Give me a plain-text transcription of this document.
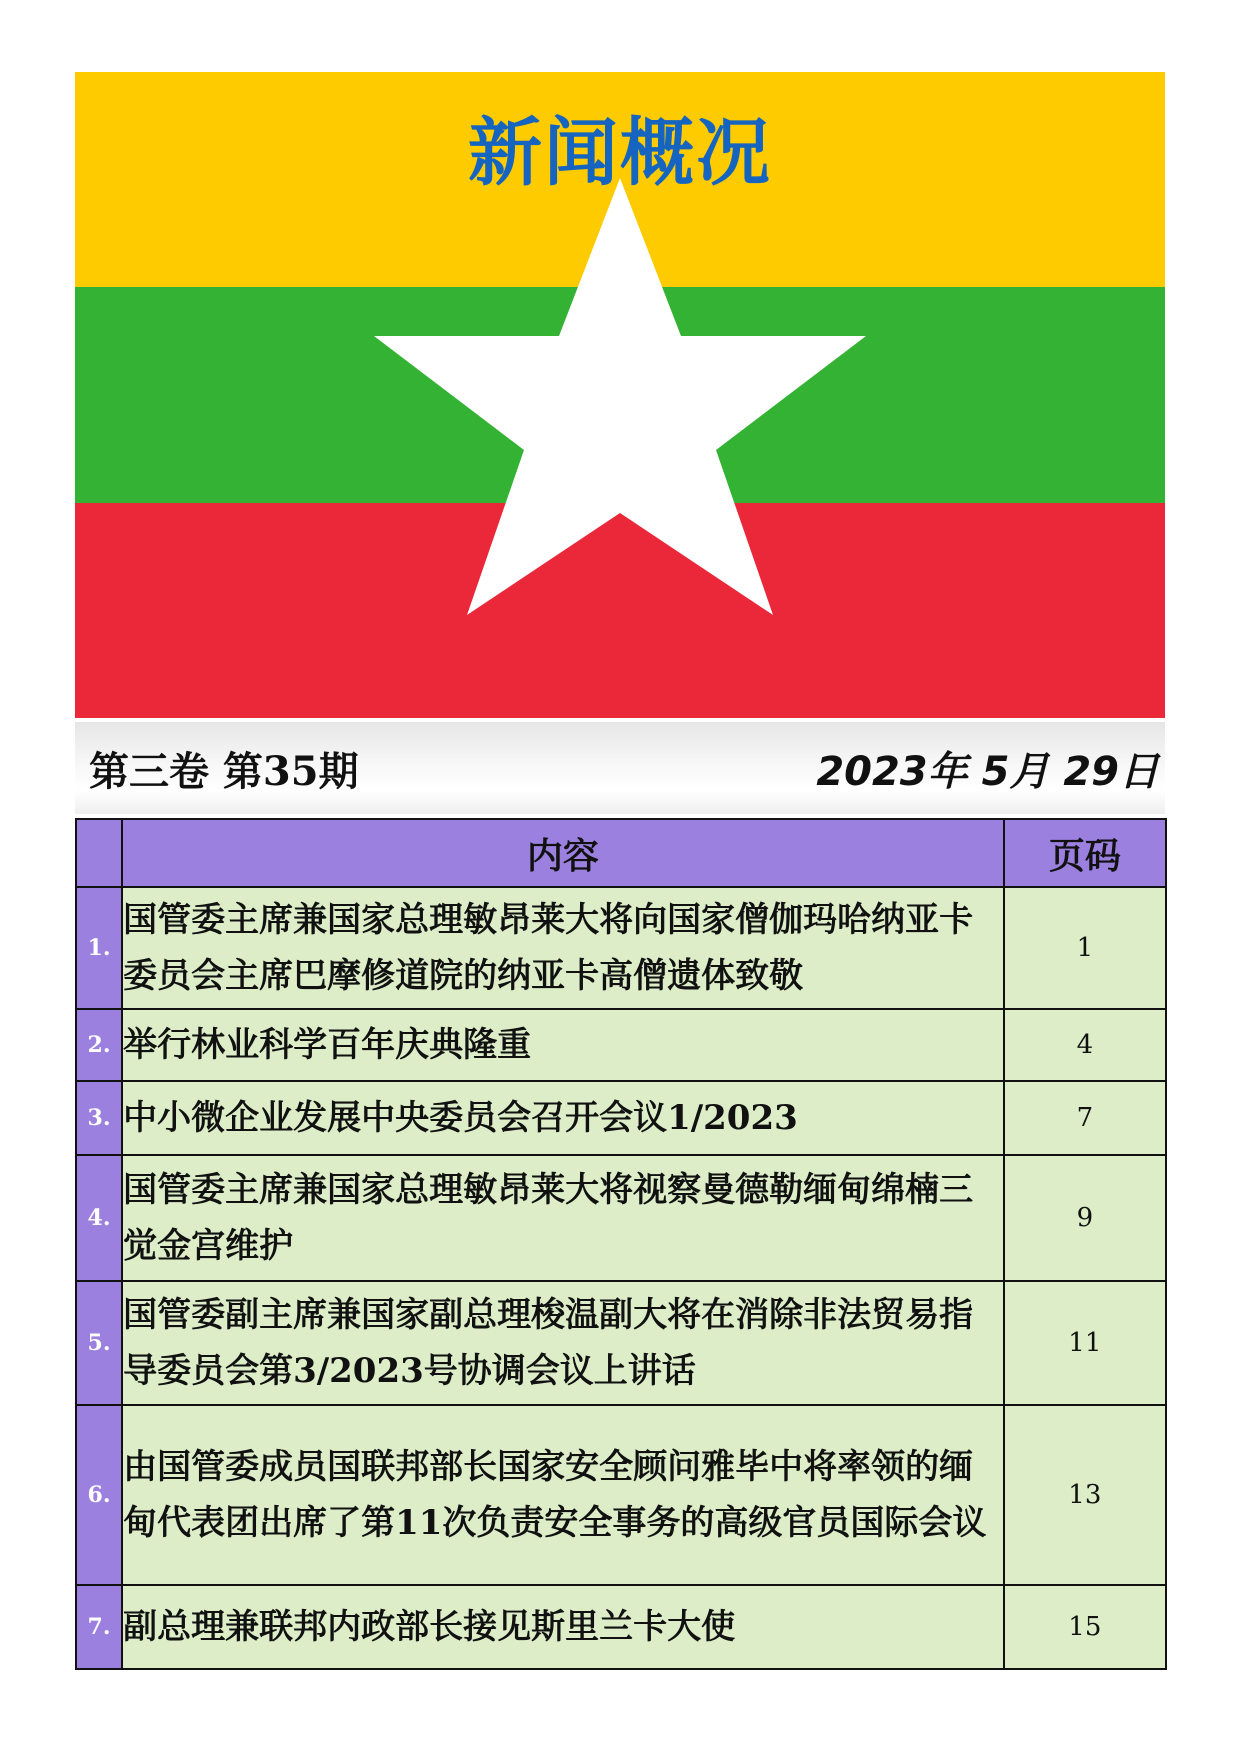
新闻概况
第三卷 第35期	2023年 5月 29日
	内容	页码
1.	国管委主席兼国家总理敏昂莱大将向国家僧伽玛哈纳亚卡委员会主席巴摩修道院的纳亚卡高僧遗体致敬	1
2.	举行林业科学百年庆典隆重	4
3.	中小微企业发展中央委员会召开会议1/2023	7
4.	国管委主席兼国家总理敏昂莱大将视察曼德勒缅甸绵楠三觉金宫维护	9
5.	国管委副主席兼国家副总理梭温副大将在消除非法贸易指导委员会第3/2023号协调会议上讲话	11
6.	由国管委成员国联邦部长国家安全顾问雅毕中将率领的缅甸代表团出席了第11次负责安全事务的高级官员国际会议	13
7.	副总理兼联邦内政部长接见斯里兰卡大使	15
